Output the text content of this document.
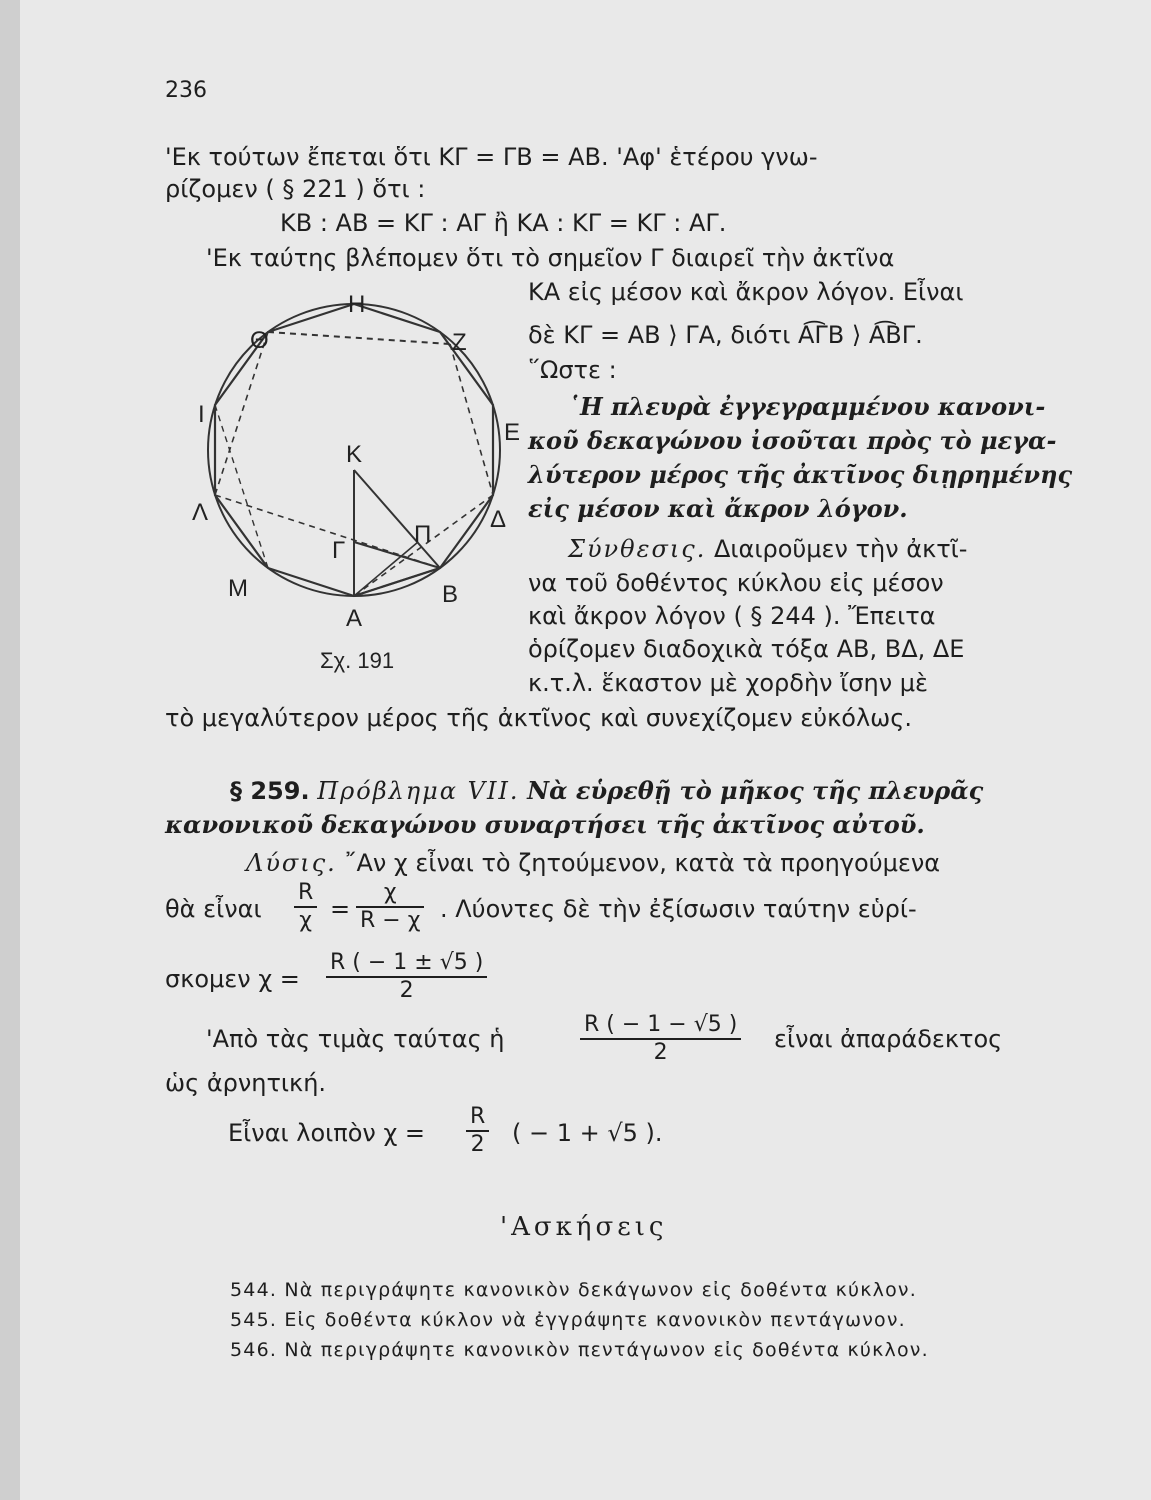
236
'Εκ τούτων ἔπεται ὅτι ΚΓ = ΓΒ = ΑΒ. 'Αφ' ἑτέρου γνω-
ρίζομεν ( § 221 ) ὅτι :
ΚΒ : ΑΒ = ΚΓ : ΑΓ ἢ ΚΑ : ΚΓ = ΚΓ : ΑΓ.
'Εκ ταύτης βλέπομεν ὅτι τὸ σημεῖον Γ διαιρεῖ τὴν ἀκτῖνα
ΚΑ εἰς μέσον καὶ ἄκρον λόγον. Εἶναι
δὲ ΚΓ = ΑΒ ⟩ ΓΑ, διότι Α͡ΓΒ ⟩ Α͡ΒΓ.
῞Ωστε :
῾Η πλευρὰ ἐγγεγραμμένου κανονι-
κοῦ δεκαγώνου ἰσοῦται πρὸς τὸ μεγα-
λύτερον μέρος τῆς ἀκτῖνος διῃρημένης
εἰς μέσον καὶ ἄκρον λόγον.
Σύνθεσις. Διαιροῦμεν τὴν ἀκτῖ-
να τοῦ δοθέντος κύκλου εἰς μέσον
καὶ ἄκρον λόγον ( § 244 ). Ἔπειτα
ὁρίζομεν διαδοχικὰ τόξα ΑΒ, ΒΔ, ΔΕ
κ.τ.λ. ἕκαστον μὲ χορδὴν ἴσην μὲ
τὸ μεγαλύτερον μέρος τῆς ἀκτῖνος καὶ συνεχίζομεν εὐκόλως.
Η
Θ	Z
Ι
Ε
Κ
Λ	Δ
Π
Γ
Μ	Β
Α
Σχ. 191
§ 259. Πρόβλημα VII. Νὰ εὑρεθῇ τὸ μῆκος τῆς πλευρᾶς
κανονικοῦ δεκαγώνου συναρτήσει τῆς ἀκτῖνος αὐτοῦ.
Λύσις. ῎Αν χ εἶναι τὸ ζητούμενον, κατὰ τὰ προηγούμενα
θὰ εἶναι $\frac{R}{\chi} = \frac{\chi}{R - \chi}$ . Λύοντες δὲ τὴν ἐξίσωσιν ταύτην εὑρί-
σκομεν $\chi = \frac{R ( - 1 \pm √5 )}{2}$
'Απὸ τὰς τιμὰς ταύτας ἡ	$\frac{R ( - 1 - √5 )}{2}$ εἶναι ἀπαράδεκτος
ὡς ἀρνητική.
Εἶναι λοιπὸν $\chi = \frac{R}{2}$ ( − 1 + √5 ).
'Ασκήσεις
544. Νὰ περιγράψητε κανονικὸν δεκάγωνον εἰς δοθέντα κύκλον.
545. Εἰς δοθέντα κύκλον νὰ ἐγγράψητε κανονικὸν πεντάγωνον.
546. Νὰ περιγράψητε κανονικὸν πεντάγωνον εἰς δοθέντα κύκλον.
